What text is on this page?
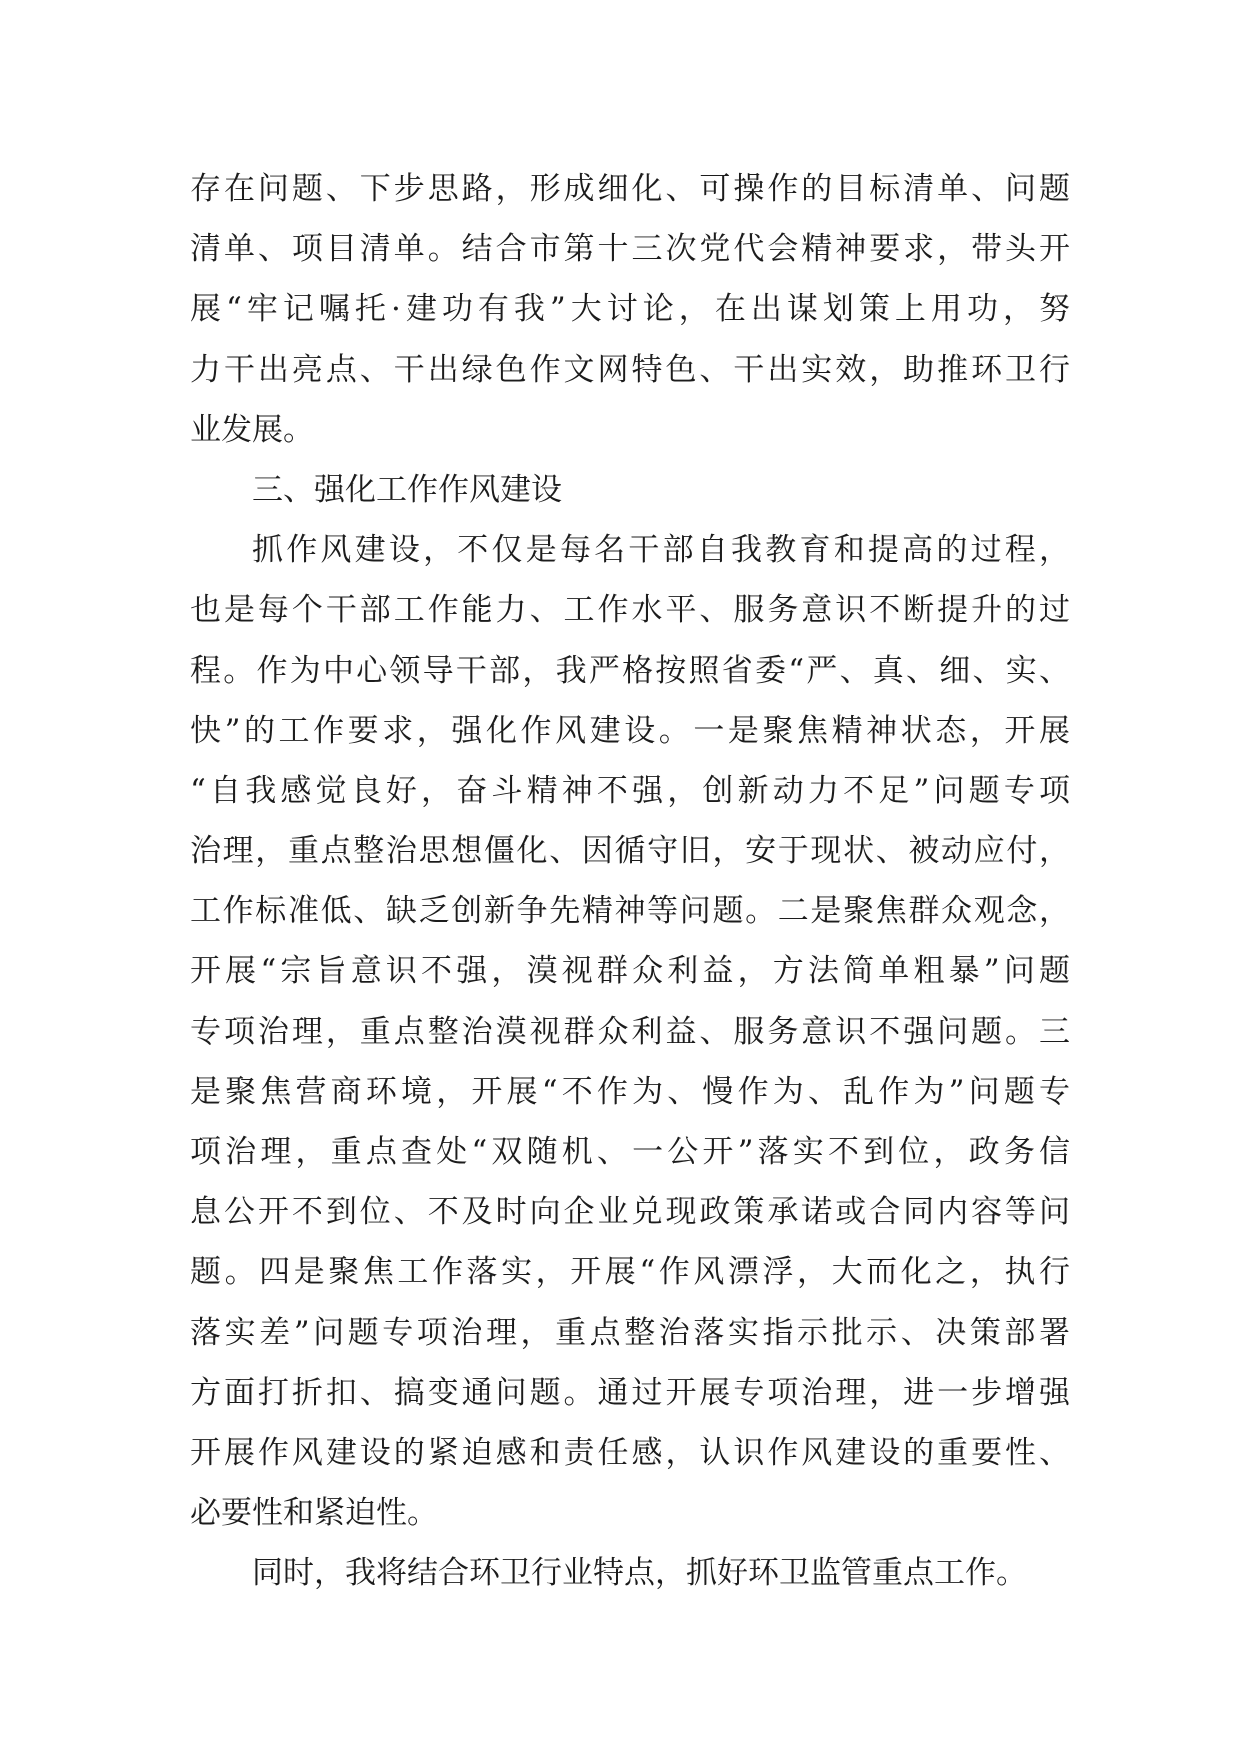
存在问题、下步思路，形成细化、可操作的目标清单、问题
清单、项目清单。结合市第十三次党代会精神要求，带头开
展“牢记嘱托·建功有我”大讨论，在出谋划策上用功，努
力干出亮点、干出绿色作文网特色、干出实效，助推环卫行
业发展。
三、强化工作作风建设
抓作风建设，不仅是每名干部自我教育和提高的过程，
也是每个干部工作能力、工作水平、服务意识不断提升的过
程。作为中心领导干部，我严格按照省委“严、真、细、实、
快”的工作要求，强化作风建设。一是聚焦精神状态，开展
“自我感觉良好，奋斗精神不强，创新动力不足”问题专项
治理，重点整治思想僵化、因循守旧，安于现状、被动应付，
工作标准低、缺乏创新争先精神等问题。二是聚焦群众观念，
开展“宗旨意识不强，漠视群众利益，方法简单粗暴”问题
专项治理，重点整治漠视群众利益、服务意识不强问题。三
是聚焦营商环境，开展“不作为、慢作为、乱作为”问题专
项治理，重点查处“双随机、一公开”落实不到位，政务信
息公开不到位、不及时向企业兑现政策承诺或合同内容等问
题。四是聚焦工作落实，开展“作风漂浮，大而化之，执行
落实差”问题专项治理，重点整治落实指示批示、决策部署
方面打折扣、搞变通问题。通过开展专项治理，进一步增强
开展作风建设的紧迫感和责任感，认识作风建设的重要性、
必要性和紧迫性。
同时，我将结合环卫行业特点，抓好环卫监管重点工作。
